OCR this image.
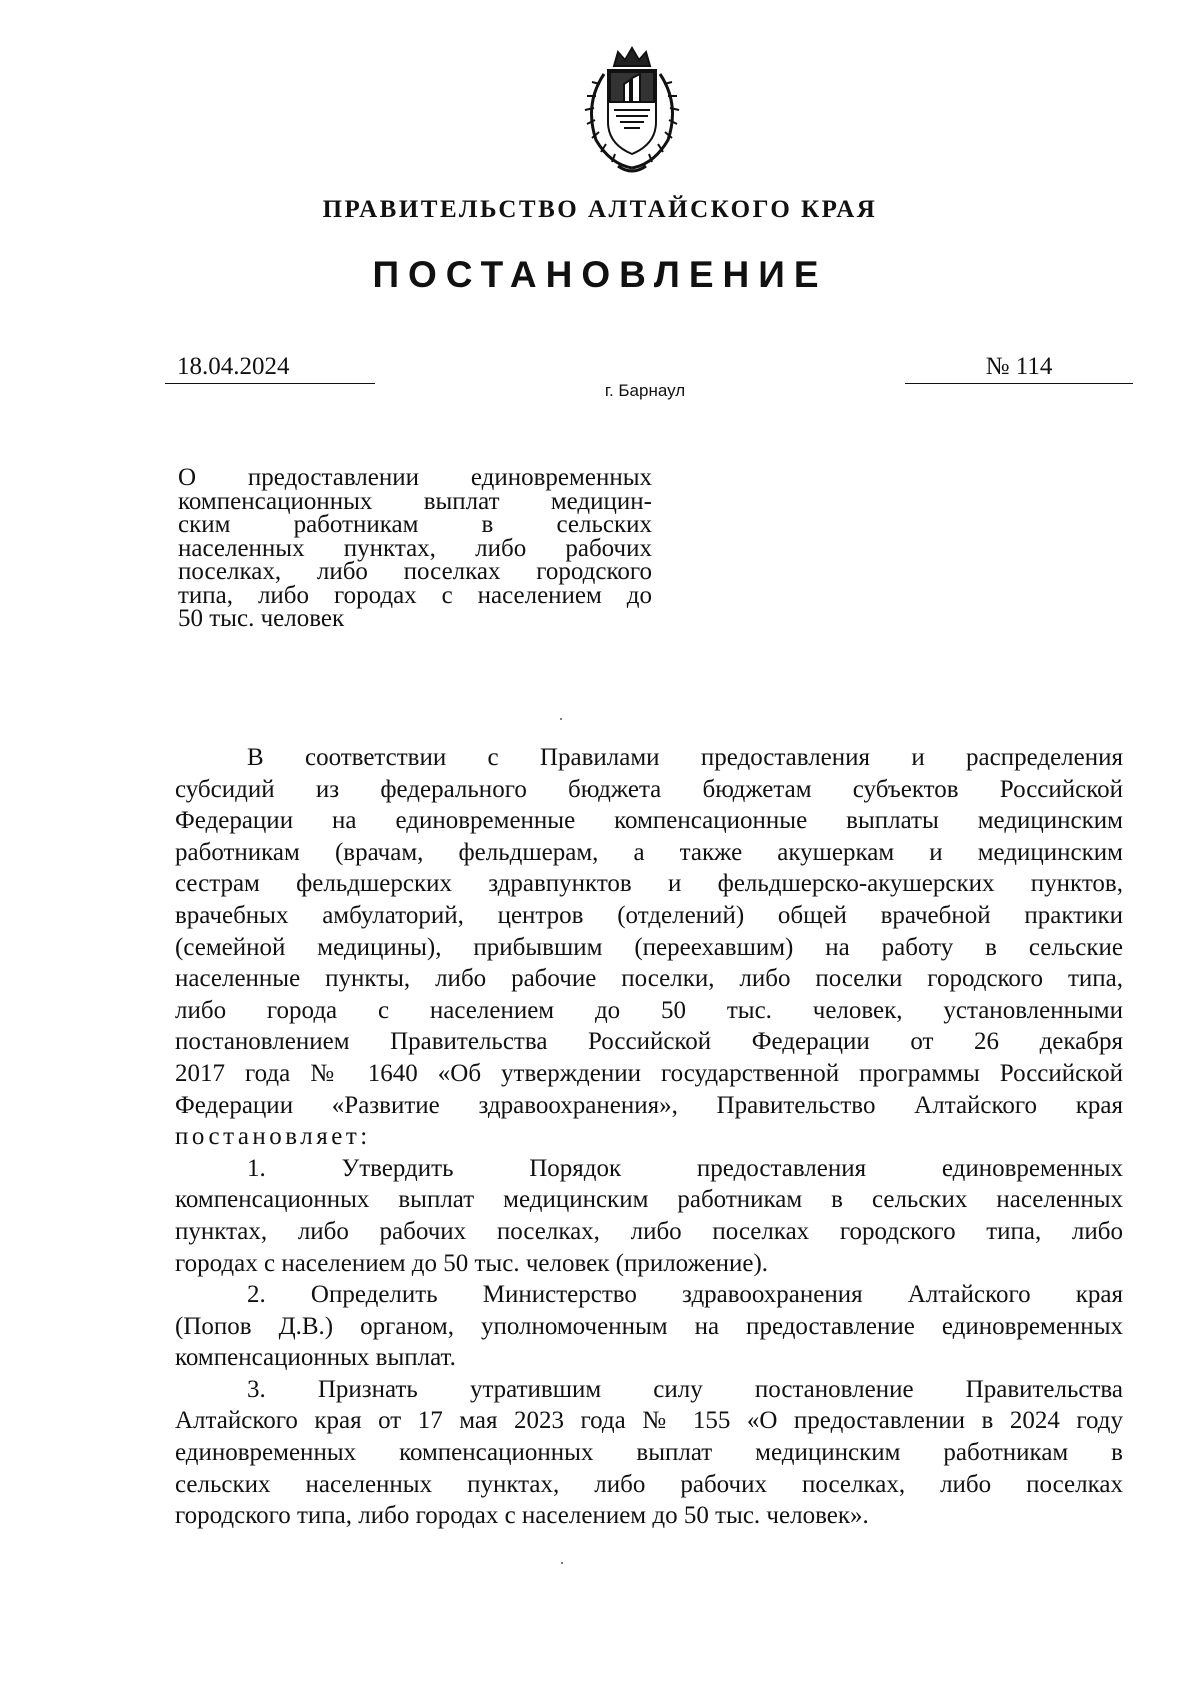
ПРАВИТЕЛЬСТВО АЛТАЙСКОГО КРАЯ
ПОСТАНОВЛЕНИЕ
18.04.2024	№ 114
г. Барнаул
О предоставлении единовременных
компенсационных выплат медицин-
ским работникам в сельских
населенных пунктах, либо рабочих
поселках, либо поселках городского
типа, либо городах с населением до
50 тыс. человек
В соответствии с Правилами предоставления и распределения
субсидий из федерального бюджета бюджетам субъектов Российской
Федерации на единовременные компенсационные выплаты медицинским
работникам (врачам, фельдшерам, а также акушеркам и медицинским
сестрам фельдшерских здравпунктов и фельдшерско-акушерских пунктов,
врачебных амбулаторий, центров (отделений) общей врачебной практики
(семейной медицины), прибывшим (переехавшим) на работу в сельские
населенные пункты, либо рабочие поселки, либо поселки городского типа,
либо города с населением до 50 тыс. человек, установленными
постановлением Правительства Российской Федерации от 26 декабря
2017 года № 1640 «Об утверждении государственной программы Российской
Федерации «Развитие здравоохранения», Правительство Алтайского края
постановляет:
1. Утвердить Порядок предоставления единовременных
компенсационных выплат медицинским работникам в сельских населенных
пунктах, либо рабочих поселках, либо поселках городского типа, либо
городах с населением до 50 тыс. человек (приложение).
2. Определить Министерство здравоохранения Алтайского края
(Попов Д.В.) органом, уполномоченным на предоставление единовременных
компенсационных выплат.
3. Признать утратившим силу постановление Правительства
Алтайского края от 17 мая 2023 года № 155 «О предоставлении в 2024 году
единовременных компенсационных выплат медицинским работникам в
сельских населенных пунктах, либо рабочих поселках, либо поселках
городского типа, либо городах с населением до 50 тыс. человек».
